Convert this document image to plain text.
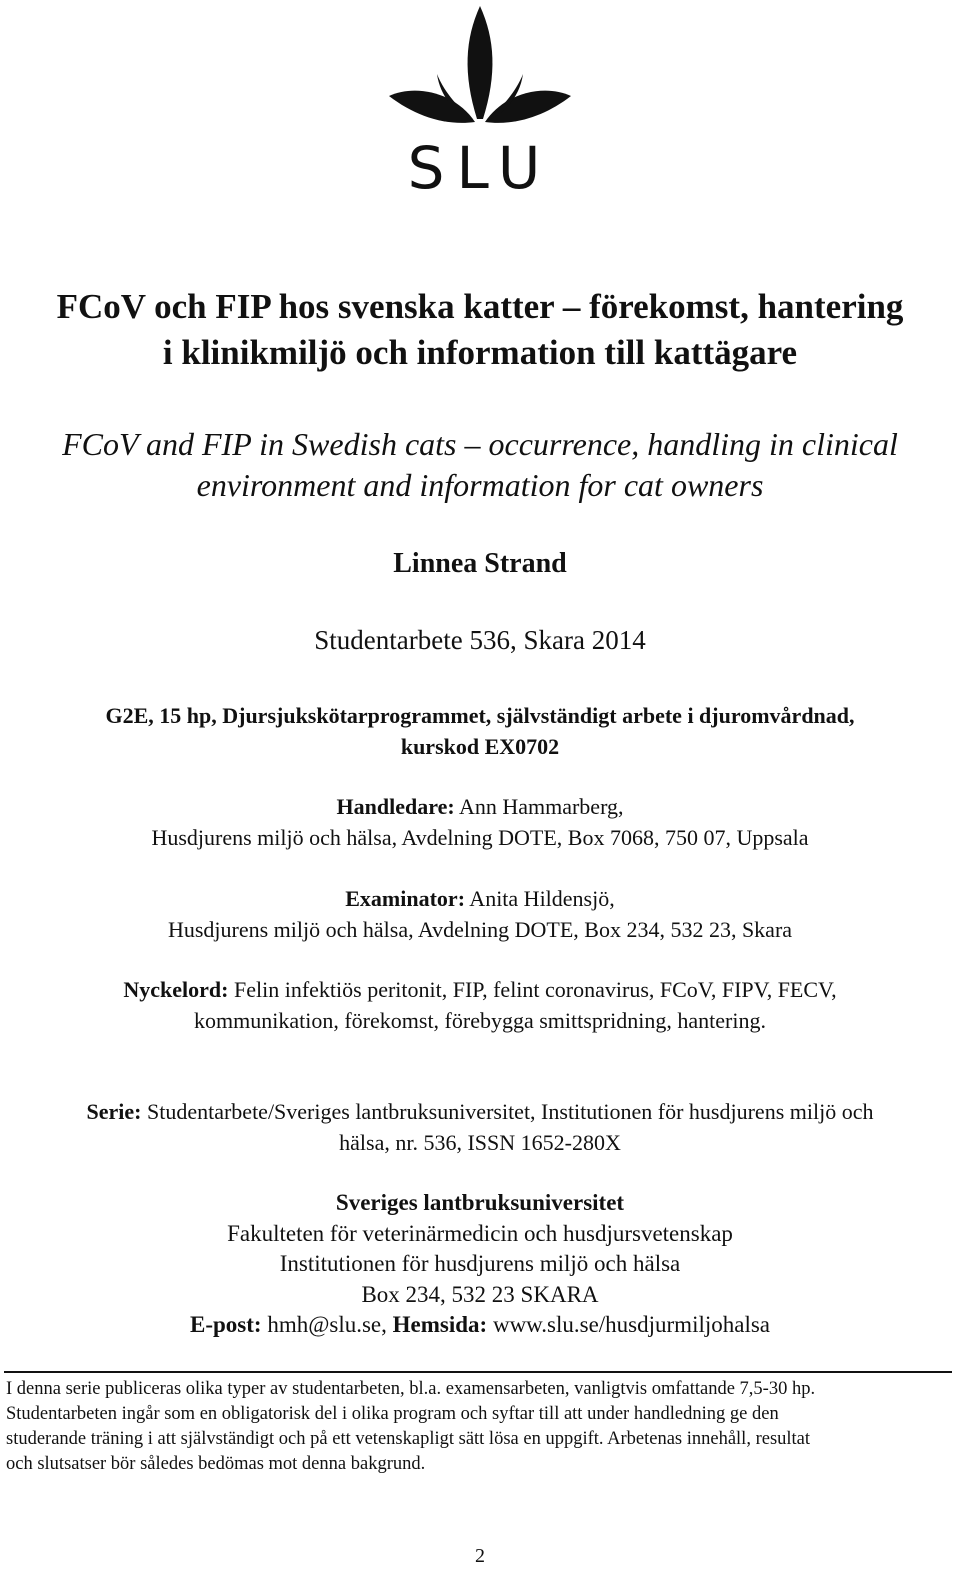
SLU
FCoV och FIP hos svenska katter – förekomst, hantering
i klinikmiljö och information till kattägare
FCoV and FIP in Swedish cats – occurrence, handling in clinical
environment and information for cat owners
Linnea Strand
Studentarbete 536, Skara 2014
G2E, 15 hp, Djursjukskötarprogrammet, självständigt arbete i djuromvårdnad,
kurskod EX0702
Handledare: Ann Hammarberg,
Husdjurens miljö och hälsa, Avdelning DOTE, Box 7068, 750 07, Uppsala
Examinator: Anita Hildensjö,
Husdjurens miljö och hälsa, Avdelning DOTE, Box 234, 532 23, Skara
Nyckelord: Felin infektiös peritonit, FIP, felint coronavirus, FCoV, FIPV, FECV,
kommunikation, förekomst, förebygga smittspridning, hantering.
Serie: Studentarbete/Sveriges lantbruksuniversitet, Institutionen för husdjurens miljö och
hälsa, nr. 536, ISSN 1652-280X
Sveriges lantbruksuniversitet
Fakulteten för veterinärmedicin och husdjursvetenskap
Institutionen för husdjurens miljö och hälsa
Box 234, 532 23 SKARA
E-post: hmh@slu.se, Hemsida: www.slu.se/husdjurmiljohalsa

I denna serie publiceras olika typer av studentarbeten, bl.a. examensarbeten, vanligtvis omfattande 7,5-30 hp.

Studentarbeten ingår som en obligatorisk del i olika program och syftar till att under handledning ge den

studerande träning i att självständigt och på ett vetenskapligt sätt lösa en uppgift. Arbetenas innehåll, resultat

och slutsatser bör således bedömas mot denna bakgrund.

2
